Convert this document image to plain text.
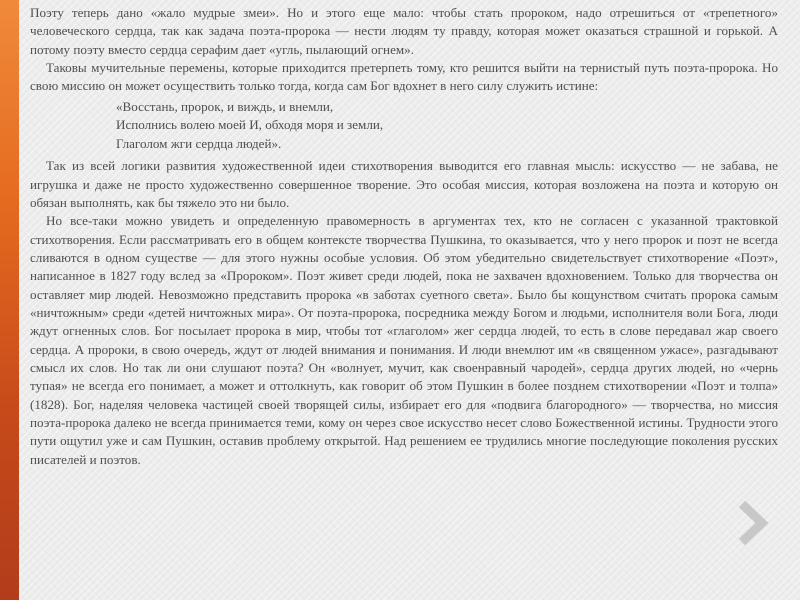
Поэту теперь дано «жало мудрые змеи». Но и этого еще мало: чтобы стать пророком, надо отрешиться от «трепетного» человеческого сердца, так как задача поэта-пророка — нести людям ту правду, которая может оказаться страшной и горькой. А потому поэту вместо сердца серафим дает «угль, пылающий огнем».

Таковы мучительные перемены, которые приходится претерпеть тому, кто решится выйти на тернистый путь поэта-пророка. Но свою миссию он может осуществить только тогда, когда сам Бог вдохнет в него силу служить истине:

«Восстань, пророк, и виждь, и внемли,
Исполнись волею моей И, обходя моря и земли,
Глаголом жги сердца людей».

Так из всей логики развития художественной идеи стихотворения выводится его главная мысль: искусство — не забава, не игрушка и даже не просто художественно совершенное творение. Это особая миссия, которая возложена на поэта и которую он обязан выполнять, как бы тяжело это ни было.

Но все-таки можно увидеть и определенную правомерность в аргументах тех, кто не согласен с указанной трактовкой стихотворения. Если рассматривать его в общем контексте творчества Пушкина, то оказывается, что у него пророк и поэт не всегда сливаются в одном существе — для этого нужны особые условия. Об этом убедительно свидетельствует стихотворение «Поэт», написанное в 1827 году вслед за «Пророком». Поэт живет среди людей, пока не захвачен вдохновением. Только для творчества он оставляет мир людей. Невозможно представить пророка «в заботах суетного света». Было бы кощунством считать пророка самым «ничтожным» среди «детей ничтожных мира». От поэта-пророка, посредника между Богом и людьми, исполнителя воли Бога, люди ждут огненных слов. Бог посылает пророка в мир, чтобы тот «глаголом» жег сердца людей, то есть в слове передавал жар своего сердца. А пророки, в свою очередь, ждут от людей внимания и понимания. И люди внемлют им «в священном ужасе», разгадывают смысл их слов. Но так ли они слушают поэта? Он «волнует, мучит, как своенравный чародей», сердца других людей, но «чернь тупая» не всегда его понимает, а может и оттолкнуть, как говорит об этом Пушкин в более позднем стихотворении «Поэт и толпа» (1828). Бог, наделяя человека частицей своей творящей силы, избирает его для «подвига благородного» — творчества, но миссия поэта-пророка далеко не всегда принимается теми, кому он через свое искусство несет слово Божественной истины. Трудности этого пути ощутил уже и сам Пушкин, оставив проблему открытой. Над решением ее трудились многие последующие поколения русских писателей и поэтов.
